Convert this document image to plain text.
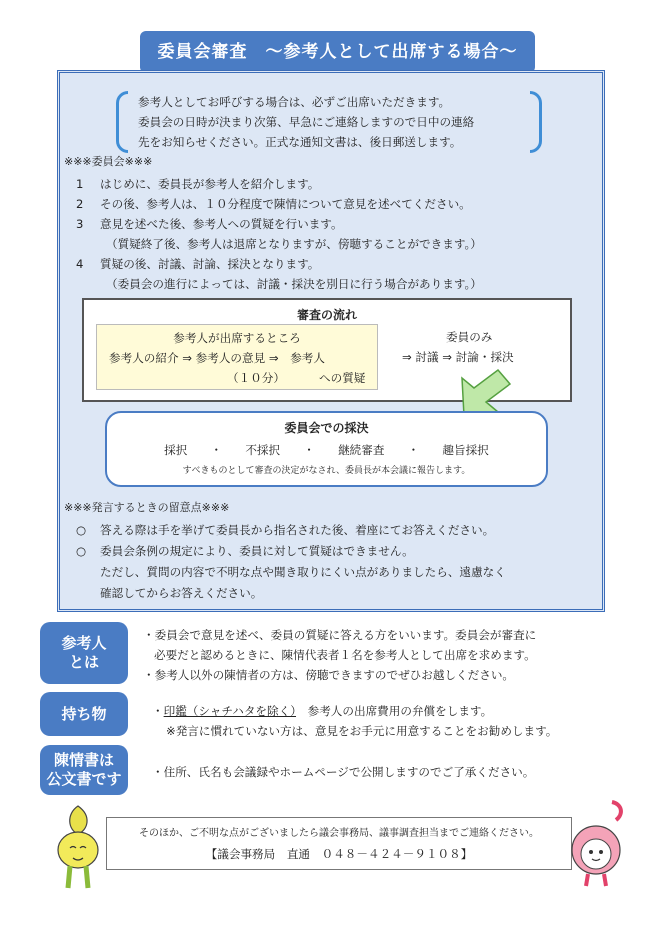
委員会審査　～参考人として出席する場合～
参考人としてお呼びする場合は、必ずご出席いただきます。
委員会の日時が決まり次第、早急にご連絡しますので日中の連絡
先をお知らせください。正式な通知文書は、後日郵送します。
※※※委員会※※※
1 はじめに、委員長が参考人を紹介します。
2 その後、参考人は、１０分程度で陳情について意見を述べてください。
3 意見を述べた後、参考人への質疑を行います。
（質疑終了後、参考人は退席となりますが、傍聴することができます。）
4 質疑の後、討議、討論、採決となります。
（委員会の進行によっては、討議・採決を別日に行う場合があります。）
※※※発言するときの留意点※※※
○ 答える際は手を挙げて委員長から指名された後、着座にてお答えください。
○ 委員会条例の規定により、委員に対して質疑はできません。
ただし、質問の内容で不明な点や聞き取りにくい点がありましたら、遠慮なく
確認してからお答えください。
審査の流れ
参考人が出席するところ
参考人の紹介 ⇒ 参考人の意見 ⇒　参考人
（１０分）	への質疑
委員のみ
⇒ 討議 ⇒ 討論・採決
委員会での採決
採択　　・　　不採択　　・　　継続審査　　・　　趣旨採択
すべきものとして審査の決定がなされ、委員長が本会議に報告します。
参考人
とは
・委員会で意見を述べ、委員の質疑に答える方をいいます。委員会が審査に
必要だと認めるときに、陳情代表者１名を参考人として出席を求めます。
・参考人以外の陳情者の方は、傍聴できますのでぜひお越しください。
持ち物	・印鑑（シャチハタを除く）　参考人の出席費用の弁償をします。
※発言に慣れていない方は、意見をお手元に用意することをお勧めします。
陳情書は
公文書です	・住所、氏名も会議録やホームページで公開しますのでご了承ください。
そのほか、ご不明な点がございましたら議会事務局、議事調査担当までご連絡ください。
【議会事務局　直通　０４８－４２４－９１０８】
